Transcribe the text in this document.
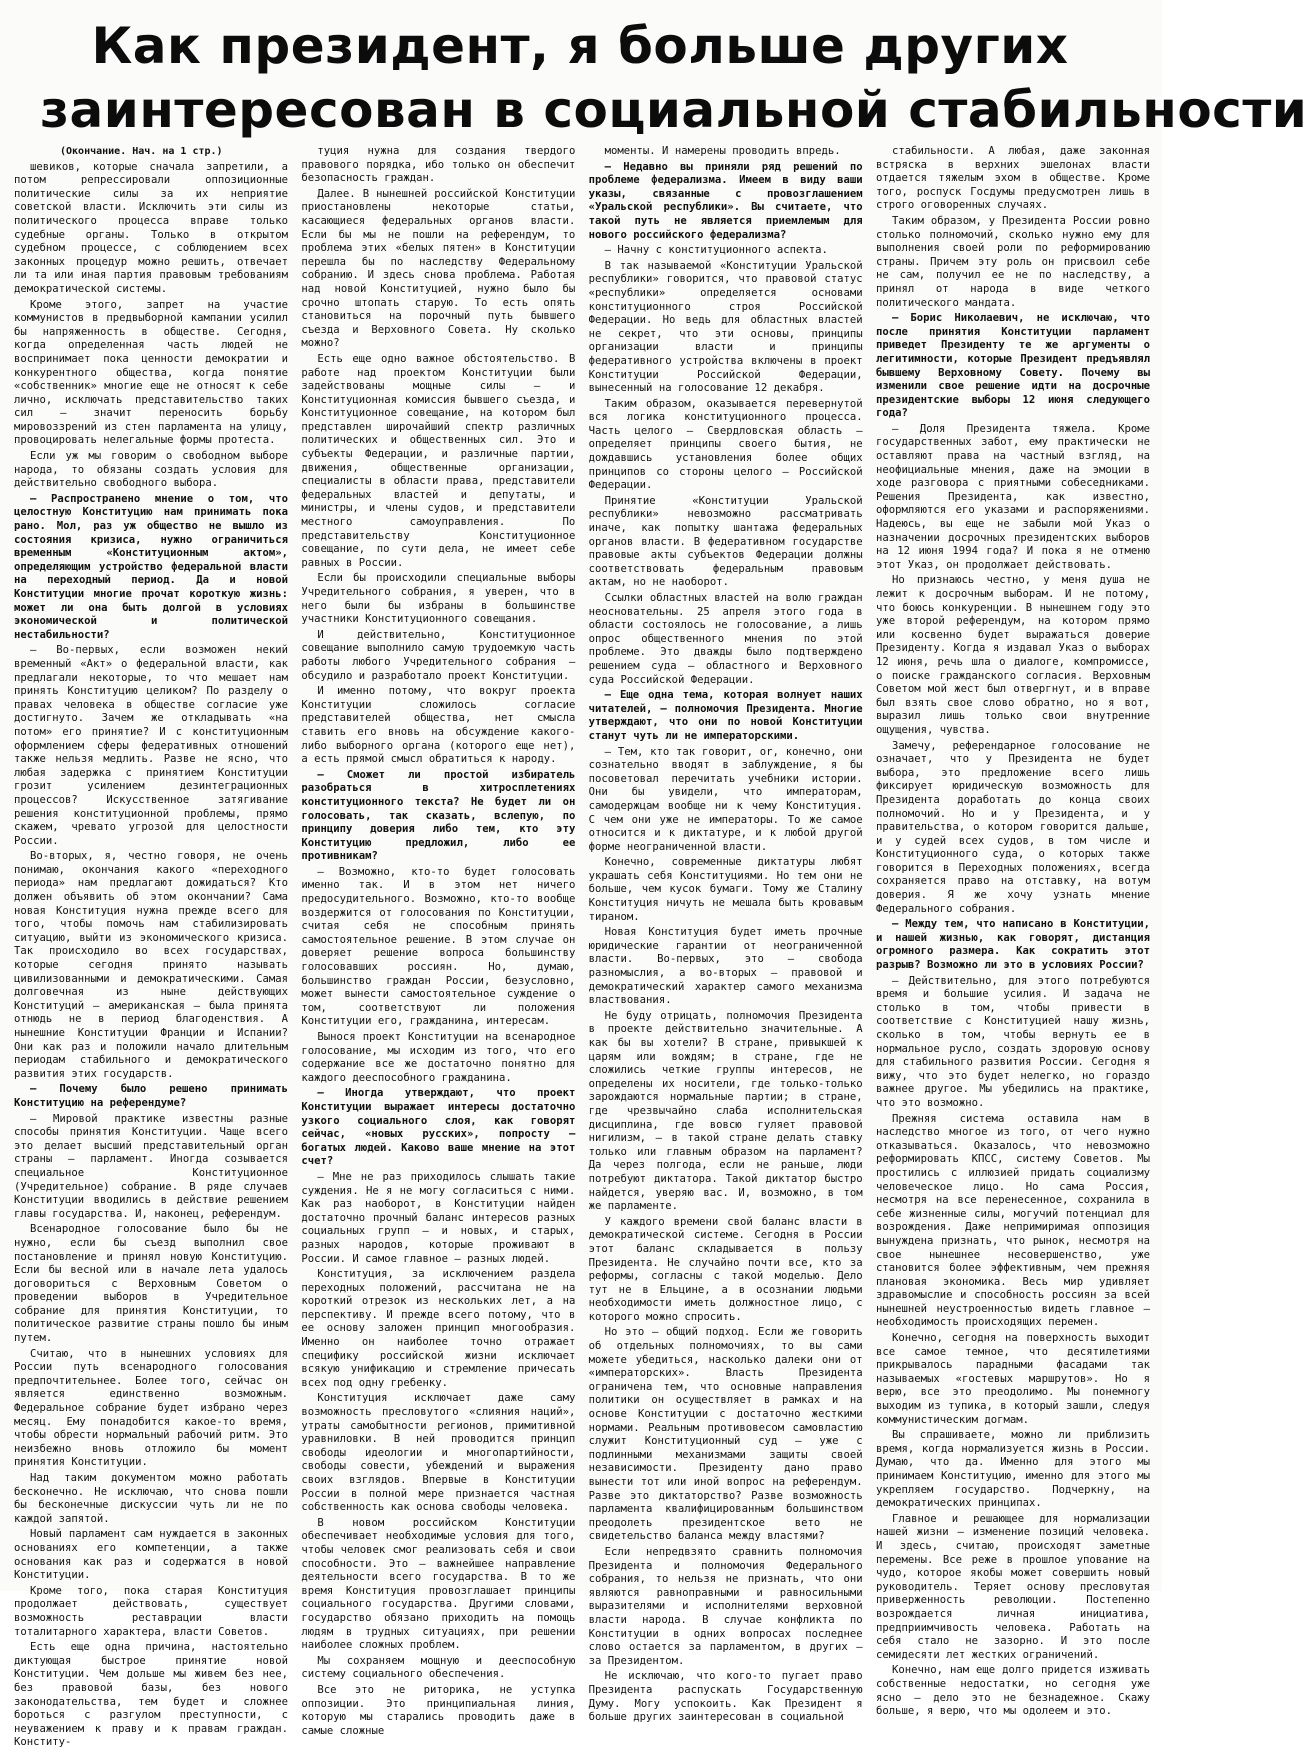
Как президент, я больше других
заинтересован в социальной стабильности
(Окончание. Нач. на 1 стр.)

шевиков, которые сначала запретили, а потом репрессировали оппозиционные политические силы за их неприятие советской власти. Исключить эти силы из политического процесса вправе только судебные органы. Только в открытом судебном процессе, с соблюдением всех законных процедур можно решить, отвечает ли та или иная партия правовым требованиям демократической системы.

Кроме этого, запрет на участие коммунистов в предвыборной кампании усилил бы напряженность в обществе. Сегодня, когда определенная часть людей не воспринимает пока ценности демократии и конкурентного общества, когда понятие «собственник» многие еще не относят к себе лично, исключать представительство таких сил — значит переносить борьбу мировоззрений из стен парламента на улицу, провоцировать нелегальные формы протеста.

Если уж мы говорим о свободном выборе народа, то обязаны создать условия для действительно свободного выбора.

— Распространено мнение о том, что целостную Конституцию нам принимать пока рано. Мол, раз уж общество не вышло из состояния кризиса, нужно ограничиться временным «Конституционным актом», определяющим устройство федеральной власти на переходный период. Да и новой Конституции многие прочат короткую жизнь: может ли она быть долгой в условиях экономической и политической нестабильности?

— Во-первых, если возможен некий временный «Акт» о федеральной власти, как предлагали некоторые, то что мешает нам принять Конституцию целиком? По разделу о правах человека в обществе согласие уже достигнуто. Зачем же откладывать «на потом» его принятие? И с конституционным оформлением сферы федеративных отношений также нельзя медлить. Разве не ясно, что любая задержка с принятием Конституции грозит усилением дезинтеграционных процессов? Искусственное затягивание решения конституционной проблемы, прямо скажем, чревато угрозой для целостности России.

Во-вторых, я, честно говоря, не очень понимаю, окончания какого «переходного периода» нам предлагают дожидаться? Кто должен объявить об этом окончании? Сама новая Конституция нужна прежде всего для того, чтобы помочь нам стабилизировать ситуацию, выйти из экономического кризиса. Так происходило во всех государствах, которые сегодня принято называть цивилизованными и демократическими. Самая долговечная из ныне действующих Конституций — американская — была принята отнюдь не в период благоденствия. А нынешние Конституции Франции и Испании? Они как раз и положили начало длительным периодам стабильного и демократического развития этих государств.

— Почему было решено принимать Конституцию на референдуме?

— Мировой практике известны разные способы принятия Конституции. Чаще всего это делает высший представительный орган страны — парламент. Иногда созывается специальное Конституционное (Учредительное) собрание. В ряде случаев Конституции вводились в действие решением главы государства. И, наконец, референдум.

Всенародное голосование было бы не нужно, если бы съезд выполнил свое постановление и принял новую Конституцию. Если бы весной или в начале лета удалось договориться с Верховным Советом о проведении выборов в Учредительное собрание для принятия Конституции, то политическое развитие страны пошло бы иным путем.

Считаю, что в нынешних условиях для России путь всенародного голосования предпочтительнее. Более того, сейчас он является единственно возможным. Федеральное собрание будет избрано через месяц. Ему понадобится какое-то время, чтобы обрести нормальный рабочий ритм. Это неизбежно вновь отложило бы момент принятия Конституции.

Над таким документом можно работать бесконечно. Не исключаю, что снова пошли бы бесконечные дискуссии чуть ли не по каждой запятой.

Новый парламент сам нуждается в законных основаниях его компетенции, а также основания как раз и содержатся в новой Конституции.

Кроме того, пока старая Конституция продолжает действовать, существует возможность реставрации власти тоталитарного характера, власти Советов.

Есть еще одна причина, настоятельно диктующая быстрое принятие новой Конституции. Чем дольше мы живем без нее, без правовой базы, без нового законодательства, тем будет и сложнее бороться с разгулом преступности, с неуважением к праву и к правам граждан. Конститу-

туция нужна для создания твердого правового порядка, ибо только он обеспечит безопасность граждан.

Далее. В нынешней российской Конституции приостановлены некоторые статьи, касающиеся федеральных органов власти. Если бы мы не пошли на референдум, то проблема этих «белых пятен» в Конституции перешла бы по наследству Федеральному собранию. И здесь снова проблема. Работая над новой Конституцией, нужно было бы срочно штопать старую. То есть опять становиться на порочный путь бывшего съезда и Верховного Совета. Ну сколько можно?

Есть еще одно важное обстоятельство. В работе над проектом Конституции были задействованы мощные силы — и Конституционная комиссия бывшего съезда, и Конституционное совещание, на котором был представлен широчайший спектр различных политических и общественных сил. Это и субъекты Федерации, и различные партии, движения, общественные организации, специалисты в области права, представители федеральных властей и депутаты, и министры, и члены судов, и представители местного самоуправления. По представительству Конституционное совещание, по сути дела, не имеет себе равных в России.

Если бы происходили специальные выборы Учредительного собрания, я уверен, что в него были бы избраны в большинстве участники Конституционного совещания.

И действительно, Конституционное совещание выполнило самую трудоемкую часть работы любого Учредительного собрания — обсудило и разработало проект Конституции.

И именно потому, что вокруг проекта Конституции сложилось согласие представителей общества, нет смысла ставить его вновь на обсуждение какого-либо выборного органа (которого еще нет), а есть прямой смысл обратиться к народу.

— Сможет ли простой избиратель разобраться в хитросплетениях конституционного текста? Не будет ли он голосовать, так сказать, вслепую, по принципу доверия либо тем, кто эту Конституцию предложил, либо ее противникам?

— Возможно, кто-то будет голосовать именно так. И в этом нет ничего предосудительного. Возможно, кто-то вообще воздержится от голосования по Конституции, считая себя не способным принять самостоятельное решение. В этом случае он доверяет решение вопроса большинству голосовавших россиян. Но, думаю, большинство граждан России, безусловно, может вынести самостоятельное суждение о том, соответствуют ли положения Конституции его, гражданина, интересам.

Вынося проект Конституции на всенародное голосование, мы исходим из того, что его содержание все же достаточно понятно для каждого дееспособного гражданина.

— Иногда утверждают, что проект Конституции выражает интересы достаточно узкого социального слоя, как говорят сейчас, «новых русских», попросту — богатых людей. Каково ваше мнение на этот счет?

— Мне не раз приходилось слышать такие суждения. Не я не могу согласиться с ними. Как раз наоборот, в Конституции найден достаточно прочный баланс интересов разных социальных групп — и новых, и старых, разных народов, которые проживают в России. И самое главное — разных людей.

Конституция, за исключением раздела переходных положений, рассчитана не на короткий отрезок из нескольких лет, а на перспективу. И прежде всего потому, что в ее основу заложен принцип многообразия. Именно он наиболее точно отражает специфику российской жизни исключает всякую унификацию и стремление причесать всех под одну гребенку.

Конституция исключает даже саму возможность пресловутого «слияния наций», утраты самобытности регионов, примитивной уравниловки. В ней проводится принцип свободы идеологии и многопартийности, свободы совести, убеждений и выражения своих взглядов. Впервые в Конституции России в полной мере признается частная собственность как основа свободы человека.

В новом российском Конституции обеспечивает необходимые условия для того, чтобы человек смог реализовать себя и свои способности. Это — важнейшее направление деятельности всего государства. В то же время Конституция провозглашает принципы социального государства. Другими словами, государство обязано приходить на помощь людям в трудных ситуациях, при решении наиболее сложных проблем.

Мы сохраняем мощную и дееспособную систему социального обеспечения.

Все это не риторика, не уступка оппозиции. Это принципиальная линия, которую мы старались проводить даже в самые сложные

моменты. И намерены проводить впредь.

— Недавно вы приняли ряд решений по проблеме федерализма. Имеем в виду ваши указы, связанные с провозглашением «Уральской республики». Вы считаете, что такой путь не является приемлемым для нового российского федерализма?

— Начну с конституционного аспекта.

В так называемой «Конституции Уральской республики» говорится, что правовой статус «республики» определяется основами конституционного строя Российской Федерации. Но ведь для областных властей не секрет, что эти основы, принципы организации власти и принципы федеративного устройства включены в проект Конституции Российской Федерации, вынесенный на голосование 12 декабря.

Таким образом, оказывается перевернутой вся логика конституционного процесса. Часть целого — Свердловская область — определяет принципы своего бытия, не дождавшись установления более общих принципов со стороны целого — Российской Федерации.

Принятие «Конституции Уральской республики» невозможно рассматривать иначе, как попытку шантажа федеральных органов власти. В федеративном государстве правовые акты субъектов Федерации должны соответствовать федеральным правовым актам, но не наоборот.

Ссылки областных властей на волю граждан неосновательны. 25 апреля этого года в области состоялось не голосование, а лишь опрос общественного мнения по этой проблеме. Это дважды было подтверждено решением суда — областного и Верховного суда Российской Федерации.

— Еще одна тема, которая волнует наших читателей, — полномочия Президента. Многие утверждают, что они по новой Конституции станут чуть ли не императорскими.

— Тем, кто так говорит, or, конечно, они сознательно вводят в заблуждение, я бы посоветовал перечитать учебники истории. Они бы увидели, что императорам, самодержцам вообще ни к чему Конституция. С чем они уже не императоры. То же самое относится и к диктатуре, и к любой другой форме неограниченной власти.

Конечно, современные диктатуры любят украшать себя Конституциями. Но тем они не больше, чем кусок бумаги. Тому же Сталину Конституция ничуть не мешала быть кровавым тираном.

Новая Конституция будет иметь прочные юридические гарантии от неограниченной власти. Во-первых, это — свобода разномыслия, а во-вторых — правовой и демократический характер самого механизма властвования.

Не буду отрицать, полномочия Президента в проекте действительно значительные. А как бы вы хотели? В стране, привыкшей к царям или вождям; в стране, где не сложились четкие группы интересов, не определены их носители, где только-только зарождаются нормальные партии; в стране, где чрезвычайно слаба исполнительская дисциплина, где вовсю гуляет правовой нигилизм, — в такой стране делать ставку только или главным образом на парламент? Да через полгода, если не раньше, люди потребуют диктатора. Такой диктатор быстро найдется, уверяю вас. И, возможно, в том же парламенте.

У каждого времени свой баланс власти в демократической системе. Сегодня в России этот баланс складывается в пользу Президента. Не случайно почти все, кто за реформы, согласны с такой моделью. Дело тут не в Ельцине, а в осознании людьми необходимости иметь должностное лицо, с которого можно спросить.

Но это — общий подход. Если же говорить об отдельных полномочиях, то вы сами можете убедиться, насколько далеки они от «императорских». Власть Президента ограничена тем, что основные направления политики он осуществляет в рамках и на основе Конституции с достаточно жесткими нормами. Реальным противовесом самовластию служит Конституционный суд — уже с подлинными механизмами защиты своей независимости. Президенту дано право вынести тот или иной вопрос на референдум. Разве это диктаторство? Разве возможность парламента квалифицированным большинством преодолеть президентское вето не свидетельство баланса между властями?

Если непредвзято сравнить полномочия Президента и полномочия Федерального собрания, то нельзя не признать, что они являются равноправными и равносильными выразителями и исполнителями верховной власти народа. В случае конфликта по Конституции в одних вопросах последнее слово остается за парламентом, в других — за Президентом.

Не исключаю, что кого-то пугает право Президента распускать Государственную Думу. Могу успокоить. Как Президент я больше других заинтересован в социальной

стабильности. А любая, даже законная встряска в верхних эшелонах власти отдается тяжелым эхом в обществе. Кроме того, роспуск Госдумы предусмотрен лишь в строго оговоренных случаях.

Таким образом, у Президента России ровно столько полномочий, сколько нужно ему для выполнения своей роли по реформированию страны. Причем эту роль он присвоил себе не сам, получил ее не по наследству, а принял от народа в виде четкого политического мандата.

— Борис Николаевич, не исключаю, что после принятия Конституции парламент приведет Президенту те же аргументы о легитимности, которые Президент предъявлял бывшему Верховному Совету. Почему вы изменили свое решение идти на досрочные президентские выборы 12 июня следующего года?

— Доля Президента тяжела. Кроме государственных забот, ему практически не оставляют права на частный взгляд, на неофициальные мнения, даже на эмоции в ходе разговора с приятными собеседниками. Решения Президента, как известно, оформляются его указами и распоряжениями. Надеюсь, вы еще не забыли мой Указ о назначении досрочных президентских выборов на 12 июня 1994 года? И пока я не отменю этот Указ, он продолжает действовать.

Но признаюсь честно, у меня душа не лежит к досрочным выборам. И не потому, что боюсь конкуренции. В нынешнем году это уже второй референдум, на котором прямо или косвенно будет выражаться доверие Президенту. Когда я издавал Указ о выборах 12 июня, речь шла о диалоге, компромиссе, о поиске гражданского согласия. Верховным Советом мой жест был отвергнут, и в вправе был взять свое слово обратно, но я вот, выразил лишь только свои внутренние ощущения, чувства.

Замечу, референдарное голосование не означает, что у Президента не будет выбора, это предложение всего лишь фиксирует юридическую возможность для Президента доработать до конца своих полномочий. Но и у Президента, и у правительства, о котором говорится дальше, и у судей всех судов, в том числе и Конституционного суда, о которых также говорится в Переходных положениях, всегда сохраняется право на отставку, на вотум доверия. Я же хочу узнать мнение Федерального собрания.

— Между тем, что написано в Конституции, и нашей жизнью, как говорят, дистанция огромного размера. Как сократить этот разрыв? Возможно ли это в условиях России?

— Действительно, для этого потребуются время и большие усилия. И задача не столько в том, чтобы привести в соответствие с Конституцией нашу жизнь, сколько в том, чтобы вернуть ее в нормальное русло, создать здоровую основу для стабильного развития России. Сегодня я вижу, что это будет нелегко, но гораздо важнее другое. Мы убедились на практике, что это возможно.

Прежняя система оставила нам в наследство многое из того, от чего нужно отказываться. Оказалось, что невозможно реформировать КПСС, систему Советов. Мы простились с иллюзией придать социализму человеческое лицо. Но сама Россия, несмотря на все перенесенное, сохранила в себе жизненные силы, могучий потенциал для возрождения. Даже непримиримая оппозиция вынуждена признать, что рынок, несмотря на свое нынешнее несовершенство, уже становится более эффективным, чем прежняя плановая экономика. Весь мир удивляет здравомыслие и способность россиян за всей нынешней неустроенностью видеть главное — необходимость происходящих перемен.

Конечно, сегодня на поверхность выходит все самое темное, что десятилетиями прикрывалось парадными фасадами так называемых «гостевых маршрутов». Но я верю, все это преодолимо. Мы понемногу выходим из тупика, в который зашли, следуя коммунистическим догмам.

Вы спрашиваете, можно ли приблизить время, когда нормализуется жизнь в России. Думаю, что да. Именно для этого мы принимаем Конституцию, именно для этого мы укрепляем государство. Подчеркну, на демократических принципах.

Главное и решающее для нормализации нашей жизни — изменение позиций человека. И здесь, считаю, происходят заметные перемены. Все реже в прошлое упование на чудо, которое якобы может совершить новый руководитель. Теряет основу пресловутая приверженность революции. Постепенно возрождается личная инициатива, предприимчивость человека. Работать на себя стало не зазорно. И это после семидесяти лет жестких ограничений.

Конечно, нам еще долго придется изживать собственные недостатки, но сегодня уже ясно — дело это не безнадежное. Скажу больше, я верю, что мы одолеем и это.
